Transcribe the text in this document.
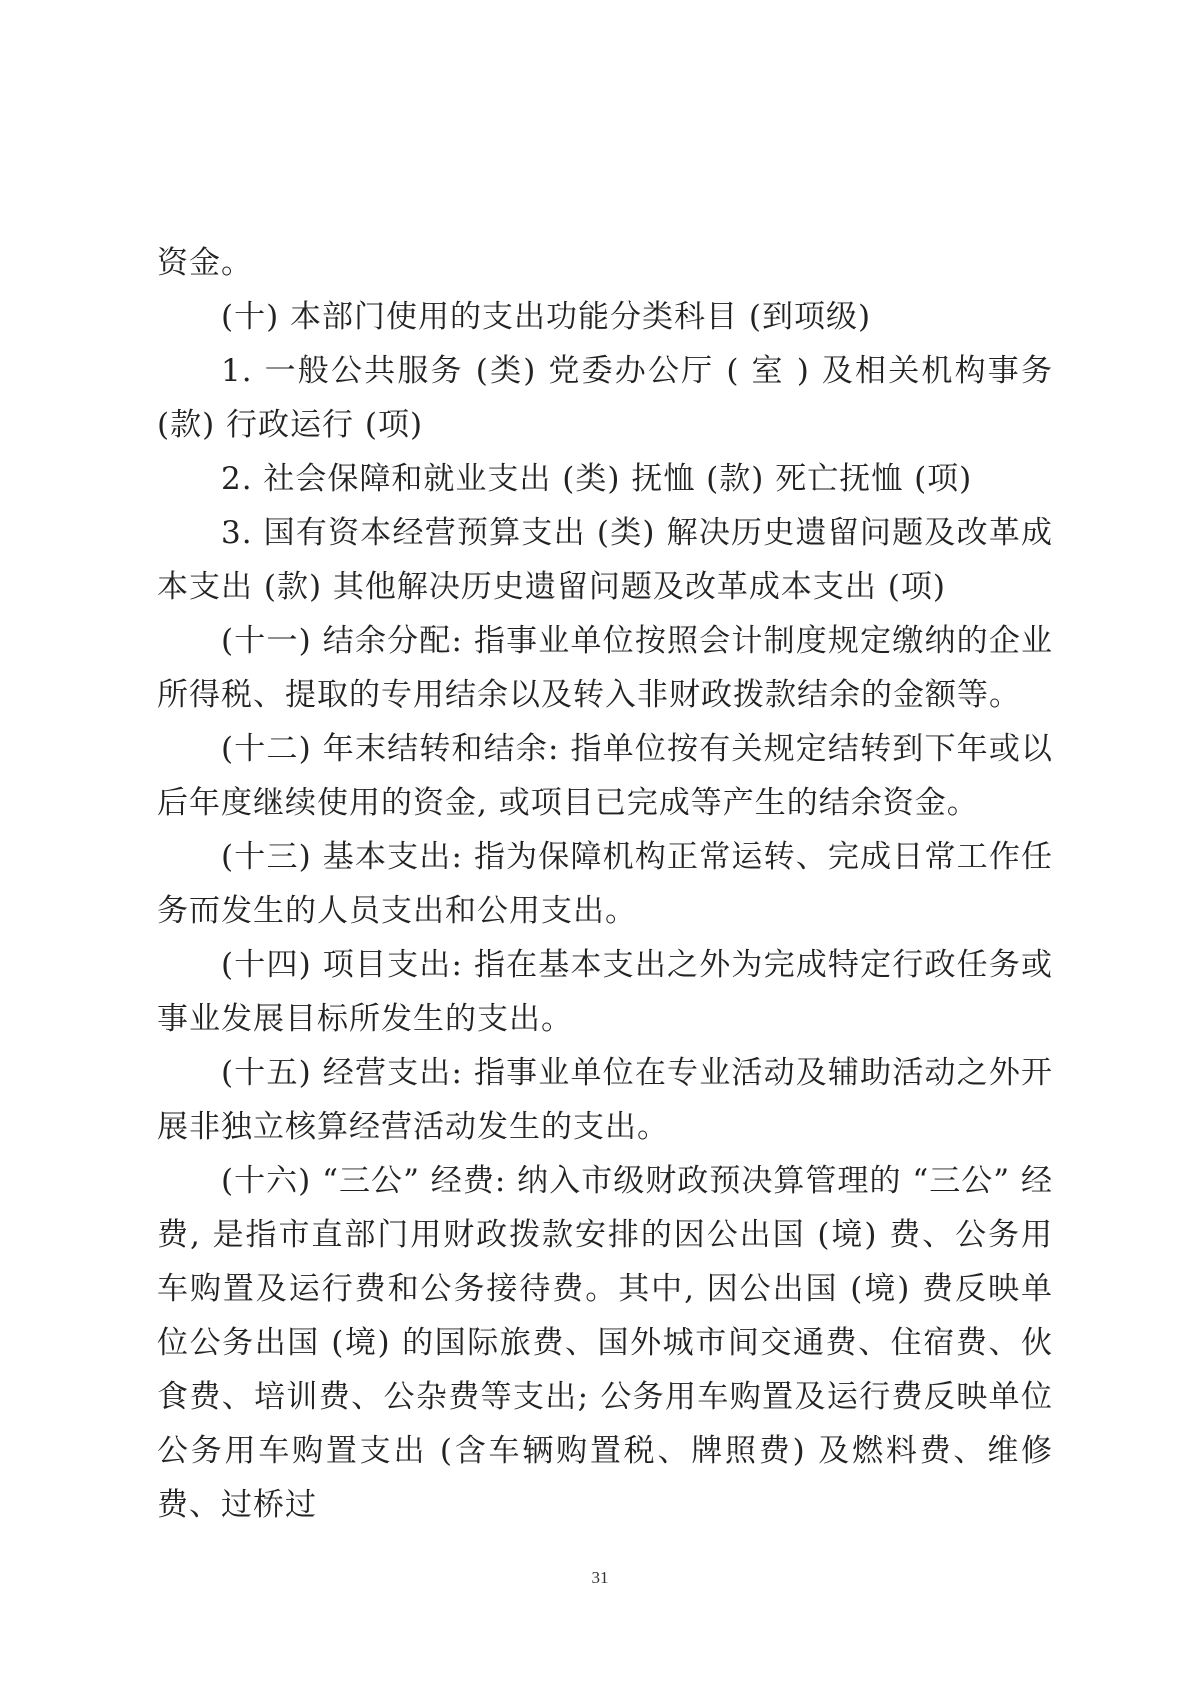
资金。

(十) 本部门使用的支出功能分类科目 (到项级)

1. 一般公共服务 (类) 党委办公厅 ( 室 ) 及相关机构事务 (款) 行政运行 (项)

2. 社会保障和就业支出 (类) 抚恤 (款) 死亡抚恤 (项)

3. 国有资本经营预算支出 (类) 解决历史遗留问题及改革成本支出 (款) 其他解决历史遗留问题及改革成本支出 (项)

(十一) 结余分配: 指事业单位按照会计制度规定缴纳的企业所得税、提取的专用结余以及转入非财政拨款结余的金额等。

(十二) 年末结转和结余: 指单位按有关规定结转到下年或以后年度继续使用的资金, 或项目已完成等产生的结余资金。

(十三) 基本支出: 指为保障机构正常运转、完成日常工作任务而发生的人员支出和公用支出。

(十四) 项目支出: 指在基本支出之外为完成特定行政任务或事业发展目标所发生的支出。

(十五) 经营支出: 指事业单位在专业活动及辅助活动之外开展非独立核算经营活动发生的支出。

(十六) “三公” 经费: 纳入市级财政预决算管理的 “三公” 经费, 是指市直部门用财政拨款安排的因公出国 (境) 费、公务用车购置及运行费和公务接待费。其中, 因公出国 (境) 费反映单位公务出国 (境) 的国际旅费、国外城市间交通费、住宿费、伙食费、培训费、公杂费等支出; 公务用车购置及运行费反映单位公务用车购置支出 (含车辆购置税、牌照费) 及燃料费、维修费、过桥过

31
